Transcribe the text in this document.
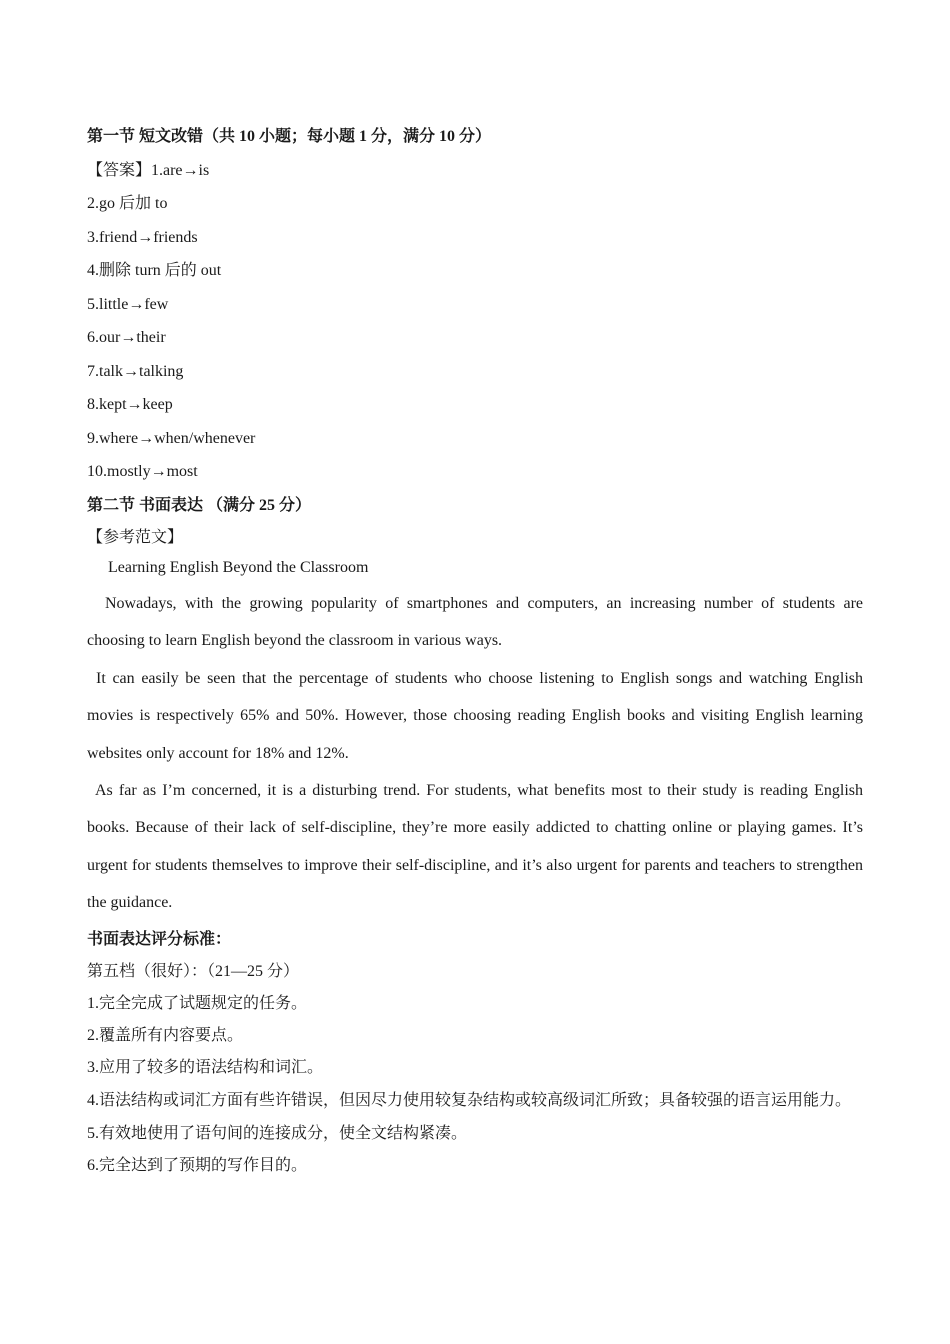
第一节 短文改错（共 10 小题；每小题 1 分，满分 10 分）
【答案】1.are→is
2.go 后加 to
3.friend→friends
4.删除 turn 后的 out
5.little→few
6.our→their
7.talk→talking
8.kept→keep
9.where→when/whenever
10.mostly→most
第二节 书面表达 （满分 25 分）
【参考范文】
Learning English Beyond the Classroom

Nowadays, with the growing popularity of smartphones and computers, an increasing number of students are choosing to learn English beyond the classroom in various ways.

It can easily be seen that the percentage of students who choose listening to English songs and watching English movies is respectively 65% and 50%. However, those choosing reading English books and visiting English learning websites only account for 18% and 12%.

As far as I’m concerned, it is a disturbing trend. For students, what benefits most to their study is reading English books. Because of their lack of self-discipline, they’re more easily addicted to chatting online or playing games. It’s urgent for students themselves to improve their self-discipline, and it’s also urgent for parents and teachers to strengthen the guidance.

书面表达评分标准：
第五档（很好）：（21—25 分）
1.完全完成了试题规定的任务。
2.覆盖所有内容要点。
3.应用了较多的语法结构和词汇。
4.语法结构或词汇方面有些许错误，但因尽力使用较复杂结构或较高级词汇所致；具备较强的语言运用能力。
5.有效地使用了语句间的连接成分，使全文结构紧凑。
6.完全达到了预期的写作目的。
